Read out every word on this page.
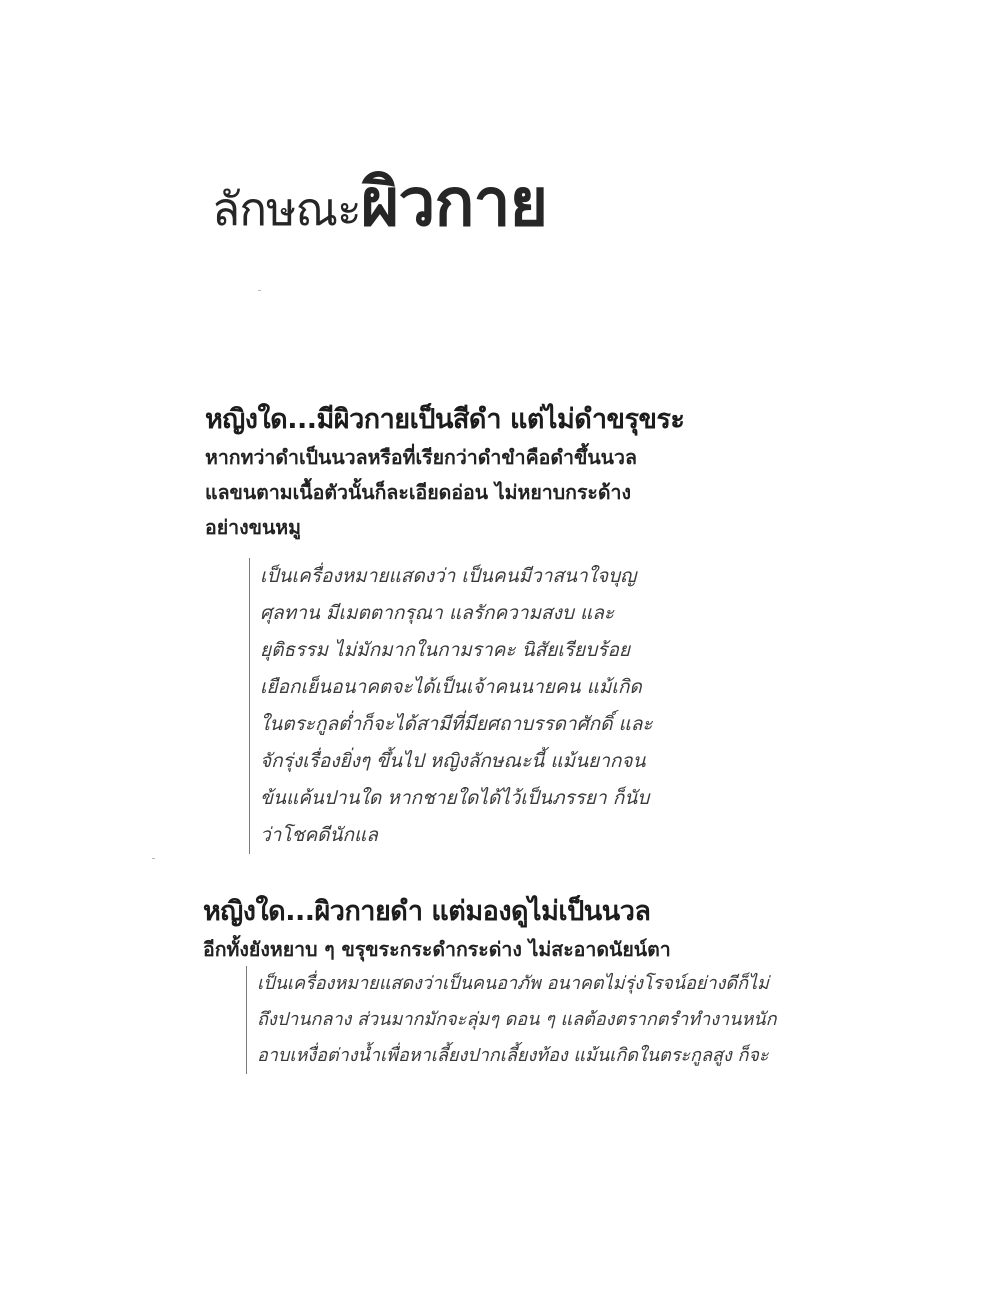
ลักษณะผิวกาย
หญิงใด...มีผิวกายเป็นสีดำ แต่ไม่ดำขรุขระ
หากทว่าดำเป็นนวลหรือที่เรียกว่าดำขำคือดำขึ้นนวล
แลขนตามเนื้อตัวนั้นก็ละเอียดอ่อน ไม่หยาบกระด้าง
อย่างขนหมู
เป็นเครื่องหมายแสดงว่า เป็นคนมีวาสนาใจบุญ
ศุลทาน มีเมตตากรุณา แลรักความสงบ และ
ยุติธรรม ไม่มักมากในกามราคะ นิสัยเรียบร้อย
เยือกเย็นอนาคตจะได้เป็นเจ้าคนนายคน แม้เกิด
ในตระกูลต่ำก็จะได้สามีที่มียศถาบรรดาศักดิ์ และ
จักรุ่งเรื่องยิ่งๆ ขึ้นไป หญิงลักษณะนี้ แม้นยากจน
ข้นแค้นปานใด หากชายใดได้ไว้เป็นภรรยา ก็นับ
ว่าโชคดีนักแล
หญิงใด...ผิวกายดำ แต่มองดูไม่เป็นนวล
อีกทั้งยังหยาบ ๆ ขรุขระกระดำกระด่าง ไม่สะอาดนัยน์ตา
เป็นเครื่องหมายแสดงว่าเป็นคนอาภัพ อนาคตไม่รุ่งโรจน์อย่างดีก็ไม่
ถึงปานกลาง ส่วนมากมักจะลุ่มๆ ดอน ๆ แลต้องตรากตรำทำงานหนัก
อาบเหงื่อต่างน้ำเพื่อหาเลี้ยงปากเลี้ยงท้อง แม้นเกิดในตระกูลสูง ก็จะ
